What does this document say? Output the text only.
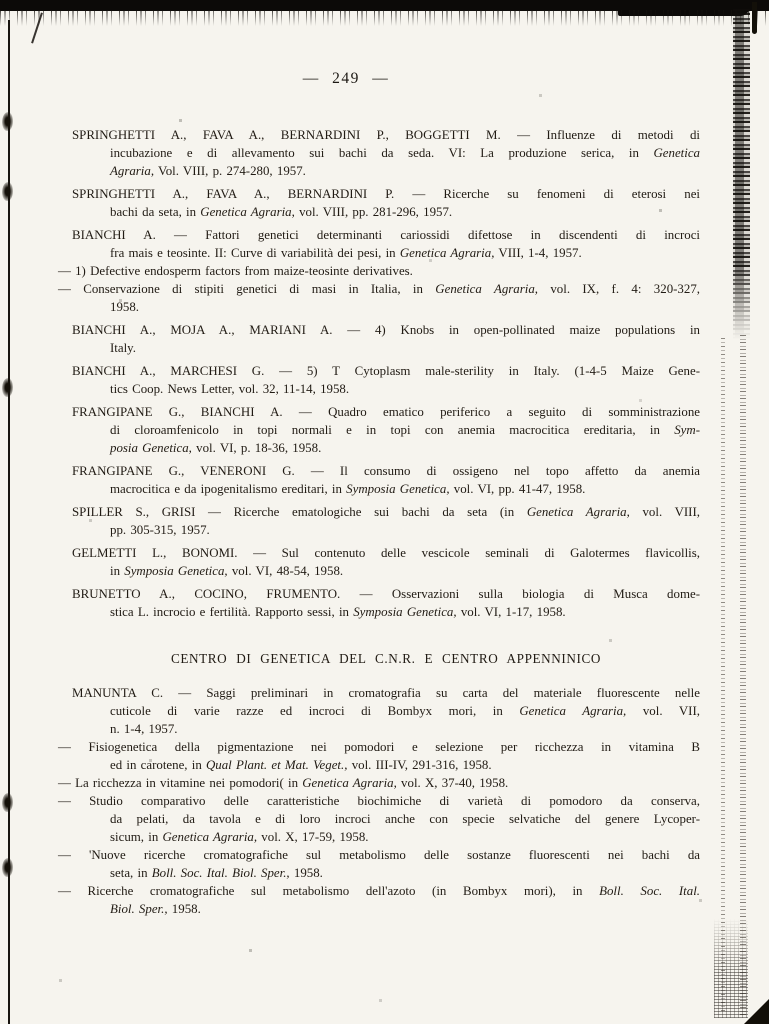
— 249 —
SPRINGHETTI A., FAVA A., BERNARDINI P., BOGGETTI M. — Influenze di metodi di
incubazione e di allevamento sui bachi da seda. VI: La produzione serica, in Genetica
Agraria, Vol. VIII, p. 274-280, 1957.
SPRINGHETTI A., FAVA A., BERNARDINI P. — Ricerche su fenomeni di eterosi nei
bachi da seta, in Genetica Agraria, vol. VIII, pp. 281-296, 1957.
BIANCHI A. — Fattori genetici determinanti cariossidi difettose in discendenti di incroci
fra mais e teosinte. II: Curve di variabilità dei pesi, in Genetica Agraria, VIII, 1-4, 1957.
— 1) Defective endosperm factors from maize-teosinte derivatives.
— Conservazione di stipiti genetici di masi in Italia, in Genetica Agraria, vol. IX, f. 4: 320-327,
1958.
BIANCHI A., MOJA A., MARIANI A. — 4) Knobs in open-pollinated maize populations in
Italy.
BIANCHI A., MARCHESI G. — 5) T Cytoplasm male-sterility in Italy. (1-4-5 Maize Gene-
tics Coop. News Letter, vol. 32, 11-14, 1958.
FRANGIPANE G., BIANCHI A. — Quadro ematico periferico a seguito di somministrazione
di cloroamfenicolo in topi normali e in topi con anemia macrocitica ereditaria, in Sym-
posia Genetica, vol. VI, p. 18-36, 1958.
FRANGIPANE G., VENERONI G. — Il consumo di ossigeno nel topo affetto da anemia
macrocitica e da ipogenitalismo ereditari, in Symposia Genetica, vol. VI, pp. 41-47, 1958.
SPILLER S., GRISI — Ricerche ematologiche sui bachi da seta (in Genetica Agraria, vol. VIII,
pp. 305-315, 1957.
GELMETTI L., BONOMI. — Sul contenuto delle vescicole seminali di Galotermes flavicollis,
in Symposia Genetica, vol. VI, 48-54, 1958.
BRUNETTO A., COCINO, FRUMENTO. — Osservazioni sulla biologia di Musca dome-
stica L. incrocio e fertilità. Rapporto sessi, in Symposia Genetica, vol. VI, 1-17, 1958.
CENTRO DI GENETICA DEL C.N.R. E CENTRO APPENNINICO
MANUNTA C. — Saggi preliminari in cromatografia su carta del materiale fluorescente nelle
cuticole di varie razze ed incroci di Bombyx mori, in Genetica Agraria, vol. VII,
n. 1-4, 1957.
— Fisiogenetica della pigmentazione nei pomodori e selezione per ricchezza in vitamina B
ed in carotene, in Qual Plant. et Mat. Veget., vol. III-IV, 291-316, 1958.
— La ricchezza in vitamine nei pomodori( in Genetica Agraria, vol. X, 37-40, 1958.
— Studio comparativo delle caratteristiche biochimiche di varietà di pomodoro da conserva,
da pelati, da tavola e di loro incroci anche con specie selvatiche del genere Lycoper-
sicum, in Genetica Agraria, vol. X, 17-59, 1958.
— 'Nuove ricerche cromatografiche sul metabolismo delle sostanze fluorescenti nei bachi da
seta, in Boll. Soc. Ital. Biol. Sper., 1958.
— Ricerche cromatografiche sul metabolismo dell'azoto (in Bombyx mori), in Boll. Soc. Ital.
Biol. Sper., 1958.
